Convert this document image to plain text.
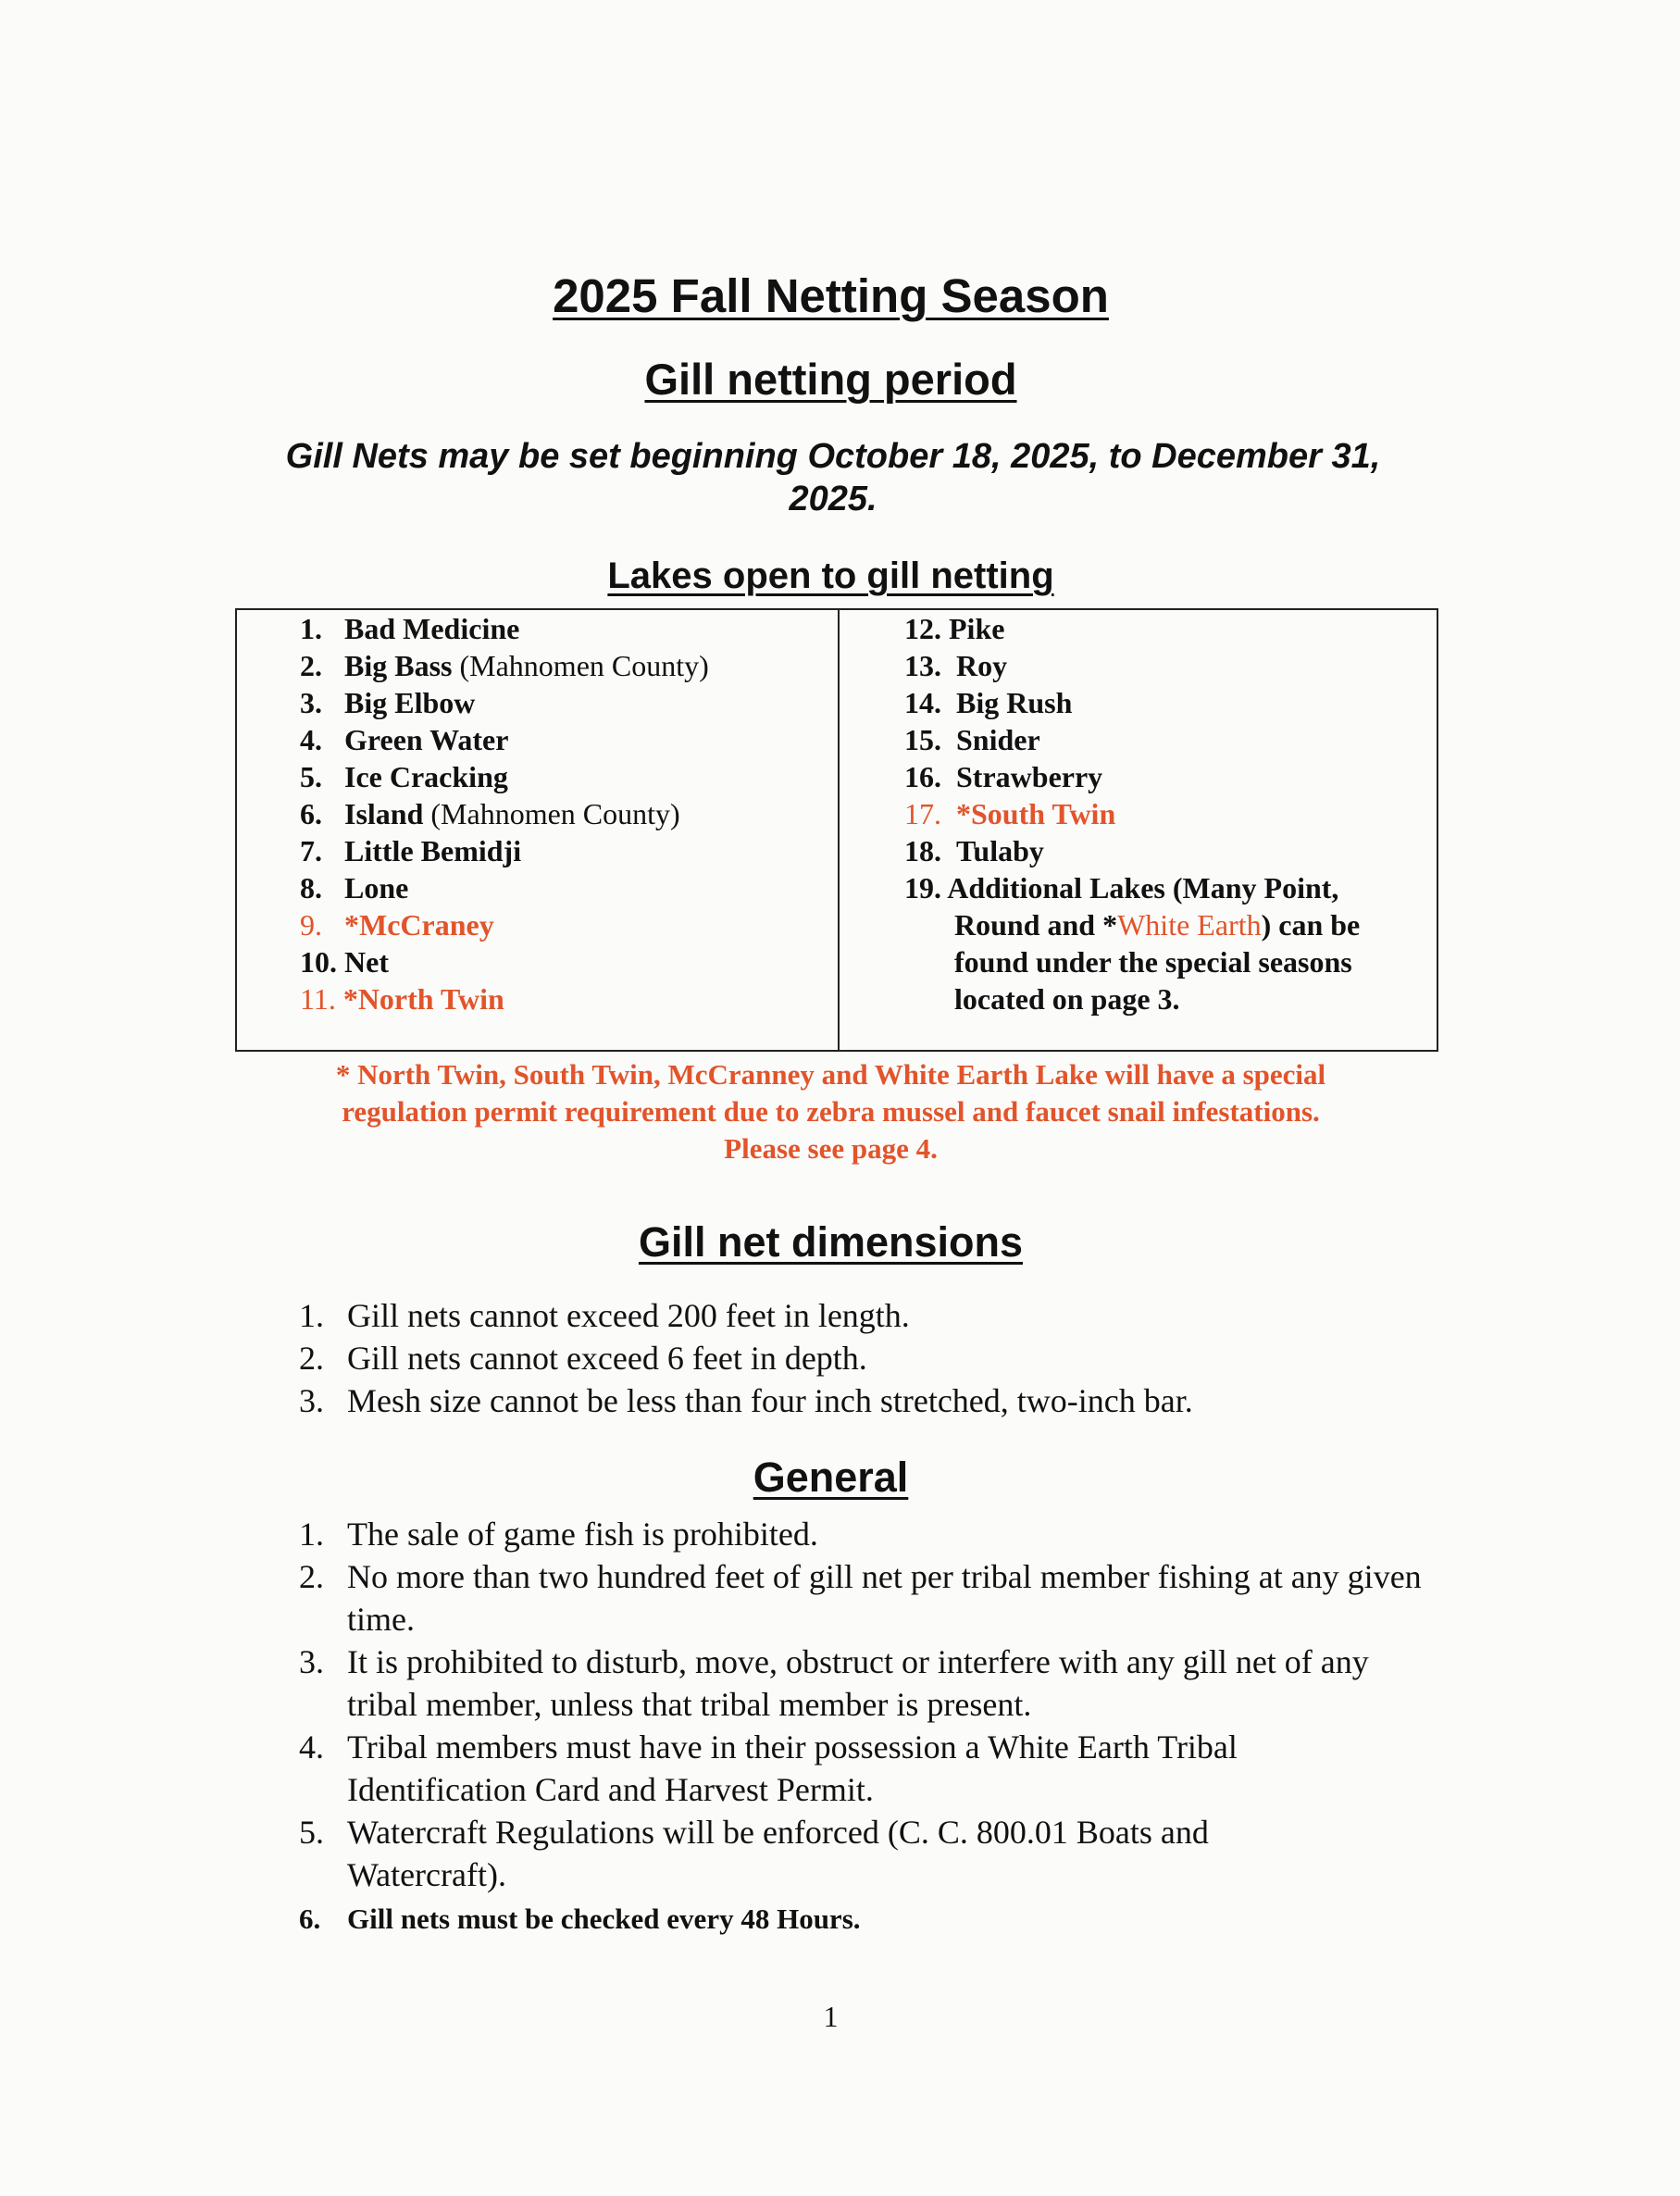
2025 Fall Netting Season
Gill netting period
Gill Nets may be set beginning October 18, 2025, to December 31, 2025.
Lakes open to gill netting
1. Bad Medicine
2. Big Bass (Mahnomen County)
3. Big Elbow
4. Green Water
5. Ice Cracking
6. Island (Mahnomen County)
7. Little Bemidji
8. Lone
9. *McCraney
10. Net
11. *North Twin
12. Pike
13. Roy
14. Big Rush
15. Snider
16. Strawberry
17. *South Twin
18. Tulaby
19. Additional Lakes (Many Point,
Round and *White Earth) can be
found under the special seasons
located on page 3.
* North Twin, South Twin, McCranney and White Earth Lake will have a special
regulation permit requirement due to zebra mussel and faucet snail infestations.
Please see page 4.
Gill net dimensions
1. Gill nets cannot exceed 200 feet in length.
2. Gill nets cannot exceed 6 feet in depth.
3. Mesh size cannot be less than four inch stretched, two-inch bar.
General
1. The sale of game fish is prohibited.
2. No more than two hundred feet of gill net per tribal member fishing at any given time.
3. It is prohibited to disturb, move, obstruct or interfere with any gill net of any tribal member, unless that tribal member is present.
4. Tribal members must have in their possession a White Earth Tribal Identification Card and Harvest Permit.
5. Watercraft Regulations will be enforced (C. C. 800.01 Boats and Watercraft).
6. Gill nets must be checked every 48 Hours.
1
